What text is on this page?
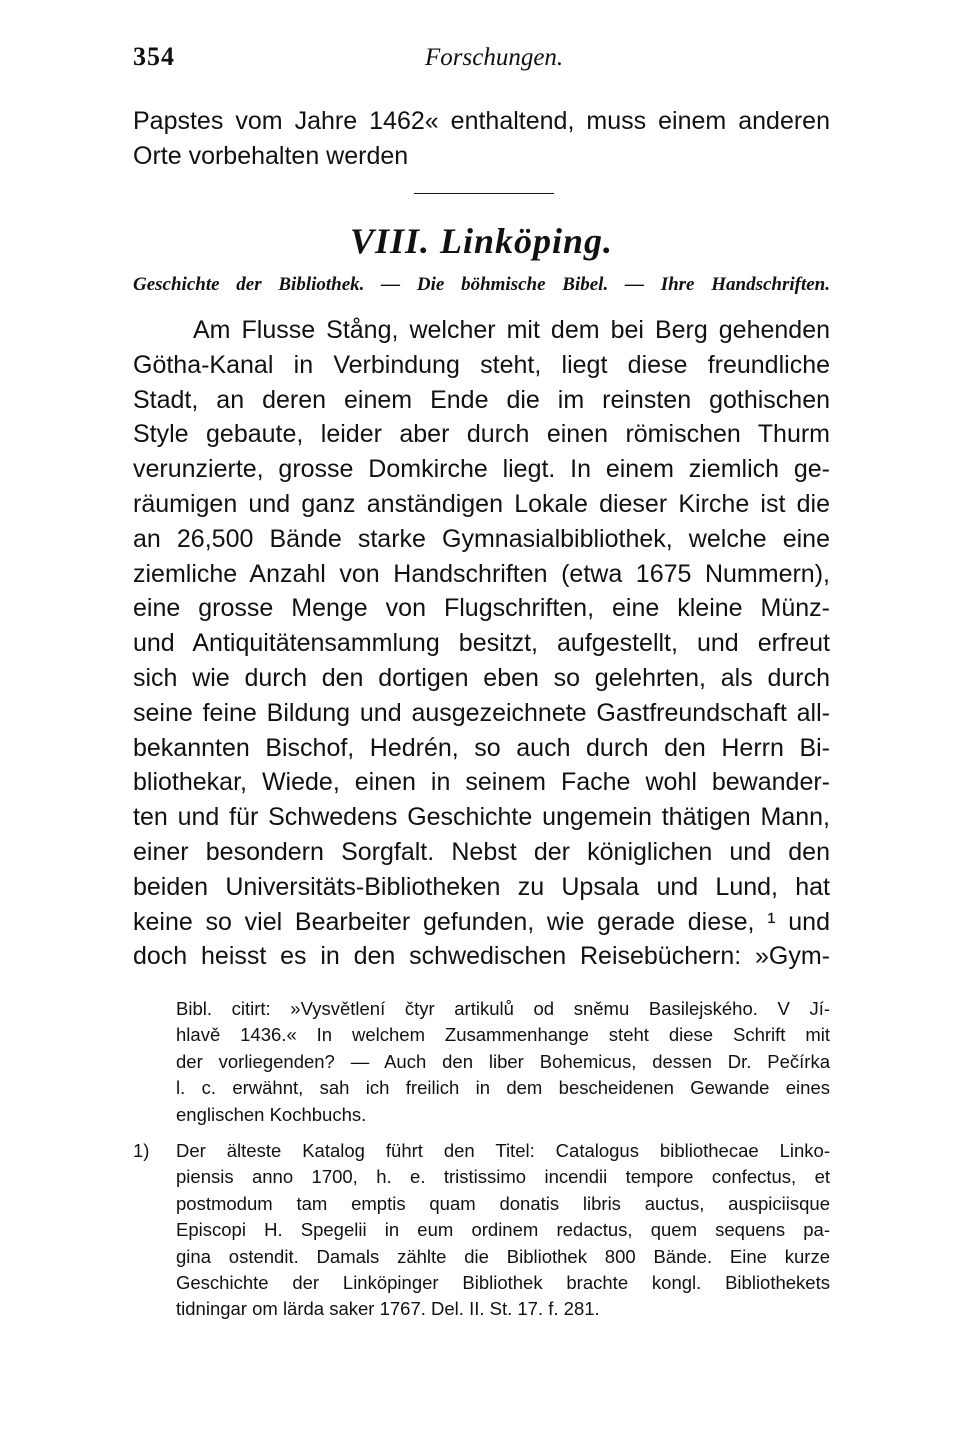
354	Forschungen.
Papstes vom Jahre 1462« enthaltend, muss einem anderen
Orte vorbehalten werden
VIII. Linköping.
Geschichte der Bibliothek. — Die böhmische Bibel. — Ihre Handschriften.
Am Flusse Stång, welcher mit dem bei Berg gehenden
Götha-Kanal in Verbindung steht, liegt diese freundliche
Stadt, an deren einem Ende die im reinsten gothischen
Style gebaute, leider aber durch einen römischen Thurm
verunzierte, grosse Domkirche liegt. In einem ziemlich ge-
räumigen und ganz anständigen Lokale dieser Kirche ist die
an 26,500 Bände starke Gymnasialbibliothek, welche eine
ziemliche Anzahl von Handschriften (etwa 1675 Nummern),
eine grosse Menge von Flugschriften, eine kleine Münz-
und Antiquitätensammlung besitzt, aufgestellt, und erfreut
sich wie durch den dortigen eben so gelehrten, als durch
seine feine Bildung und ausgezeichnete Gastfreundschaft all-
bekannten Bischof, Hedrén, so auch durch den Herrn Bi-
bliothekar, Wiede, einen in seinem Fache wohl bewander-
ten und für Schwedens Geschichte ungemein thätigen Mann,
einer besondern Sorgfalt. Nebst der königlichen und den
beiden Universitäts-Bibliotheken zu Upsala und Lund, hat
keine so viel Bearbeiter gefunden, wie gerade diese, ¹ und
doch heisst es in den schwedischen Reisebüchern: »Gym-
Bibl. citirt: »Vysvětlení čtyr artikulů od sněmu Basilejského. V Jí-
hlavě 1436.« In welchem Zusammenhange steht diese Schrift mit
der vorliegenden? — Auch den liber Bohemicus, dessen Dr. Pečírka
l. c. erwähnt, sah ich freilich in dem bescheidenen Gewande eines
englischen Kochbuchs.
1)	Der älteste Katalog führt den Titel: Catalogus bibliothecae Linko-
piensis anno 1700, h. e. tristissimo incendii tempore confectus, et
postmodum tam emptis quam donatis libris auctus, auspiciisque
Episcopi H. Spegelii in eum ordinem redactus, quem sequens pa-
gina ostendit. Damals zählte die Bibliothek 800 Bände. Eine kurze
Geschichte der Linköpinger Bibliothek brachte kongl. Bibliothekets
tidningar om lärda saker 1767. Del. II. St. 17. f. 281.
